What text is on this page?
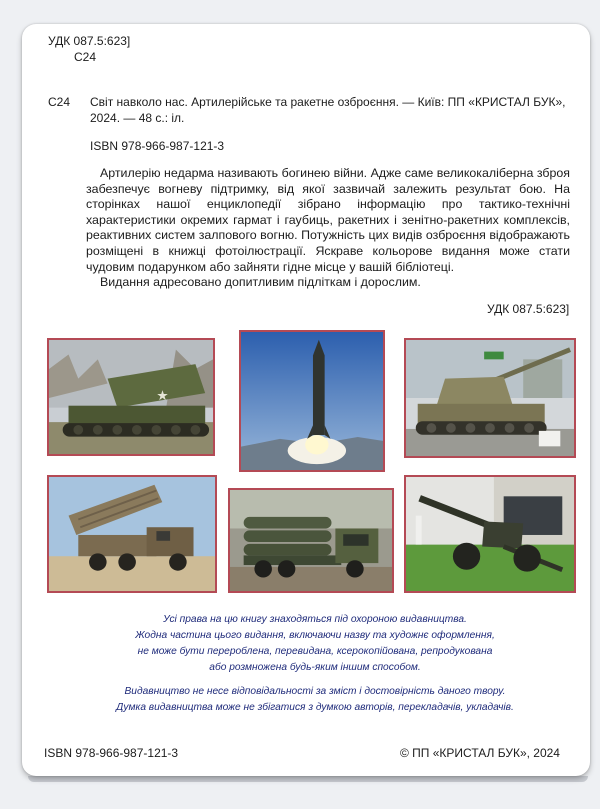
УДК 087.5:623]
С24
С24 Світ навколо нас. Артилерійське та ракетне озброєння. — Київ: ПП «КРИСТАЛ БУК»,
2024. — 48 с.: іл.
ISBN 978-966-987-121-3

Артилерію недарма називають богинею війни. Адже саме великокаліберна зброя забезпечує вогневу підтримку, від якої зазвичай залежить результат бою. На сторінках нашої енциклопедії зібрано інформацію про тактико-технічні характеристики окремих гармат і гаубиць, ракетних і зенітно-ракетних комплексів, реактивних систем залпового вогню. Потужність цих видів озброєння відображають розміщені в книжці фотоілюстрації. Яскраве кольорове видання може стати чудовим подарунком або зайняти гідне місце у вашій бібліотеці.

Видання адресовано допитливим підліткам і дорослим.

УДК 087.5:623]
★
Усі права на цю книгу знаходяться під охороною видавництва.
Жодна частина цього видання, включаючи назву та художнє оформлення,
не може бути перероблена, перевидана, ксерокопійована, репродукована
або розмножена будь-яким іншим способом.
Видавництво не несе відповідальності за зміст і достовірність даного твору.
Думка видавництва може не збігатися з думкою авторів, перекладачів, укладачів.
ISBN 978-966-987-121-3	© ПП «КРИСТАЛ БУК», 2024
